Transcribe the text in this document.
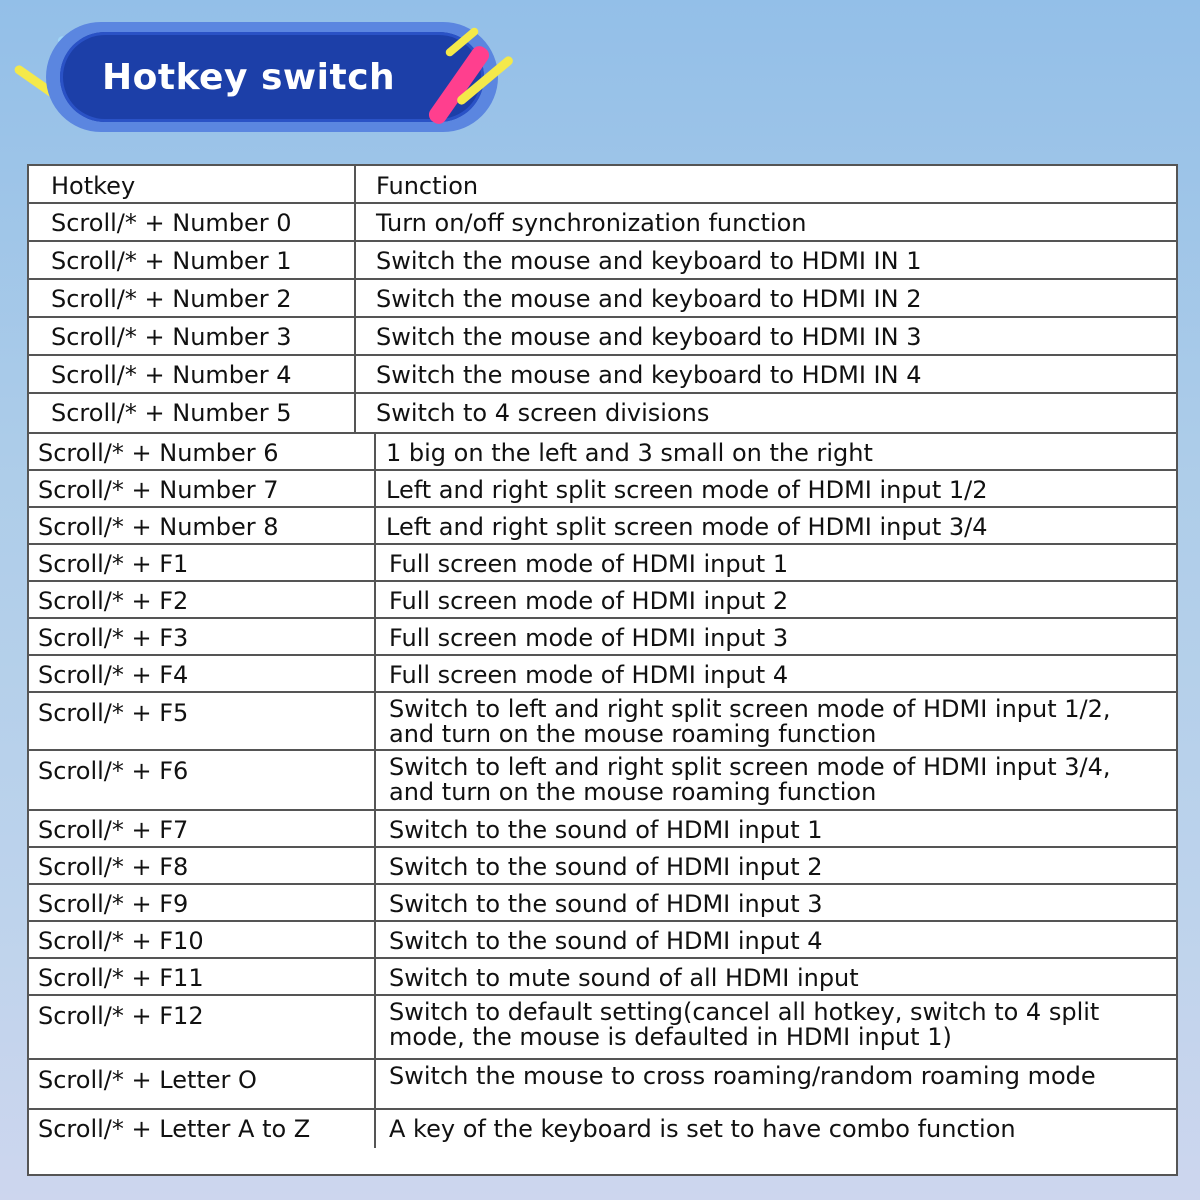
Hotkey switch
Hotkey	Function
Scroll/* + Number 0	Turn on/off synchronization function
Scroll/* + Number 1	Switch the mouse and keyboard to HDMI IN 1
Scroll/* + Number 2	Switch the mouse and keyboard to HDMI IN 2
Scroll/* + Number 3	Switch the mouse and keyboard to HDMI IN 3
Scroll/* + Number 4	Switch the mouse and keyboard to HDMI IN 4
Scroll/* + Number 5	Switch to 4 screen divisions
Scroll/* + Number 6	1 big on the left and 3 small on the right
Scroll/* + Number 7	Left and right split screen mode of HDMI input 1/2
Scroll/* + Number 8	Left and right split screen mode of HDMI input 3/4
Scroll/* + F1	Full screen mode of HDMI input 1
Scroll/* + F2	Full screen mode of HDMI input 2
Scroll/* + F3	Full screen mode of HDMI input 3
Scroll/* + F4	Full screen mode of HDMI input 4
Scroll/* + F5	Switch to left and right split screen mode of HDMI input 1/2, and turn on the mouse roaming function
Scroll/* + F6	Switch to left and right split screen mode of HDMI input 3/4, and turn on the mouse roaming function
Scroll/* + F7	Switch to the sound of HDMI input 1
Scroll/* + F8	Switch to the sound of HDMI input 2
Scroll/* + F9	Switch to the sound of HDMI input 3
Scroll/* + F10	Switch to the sound of HDMI input 4
Scroll/* + F11	Switch to mute sound of all HDMI input
Scroll/* + F12	Switch to default setting(cancel all hotkey, switch to 4 split mode, the mouse is defaulted in HDMI input 1)
Scroll/* + Letter O	Switch the mouse to cross roaming/random roaming mode
Scroll/* + Letter A to Z	A key of the keyboard is set to have combo function
